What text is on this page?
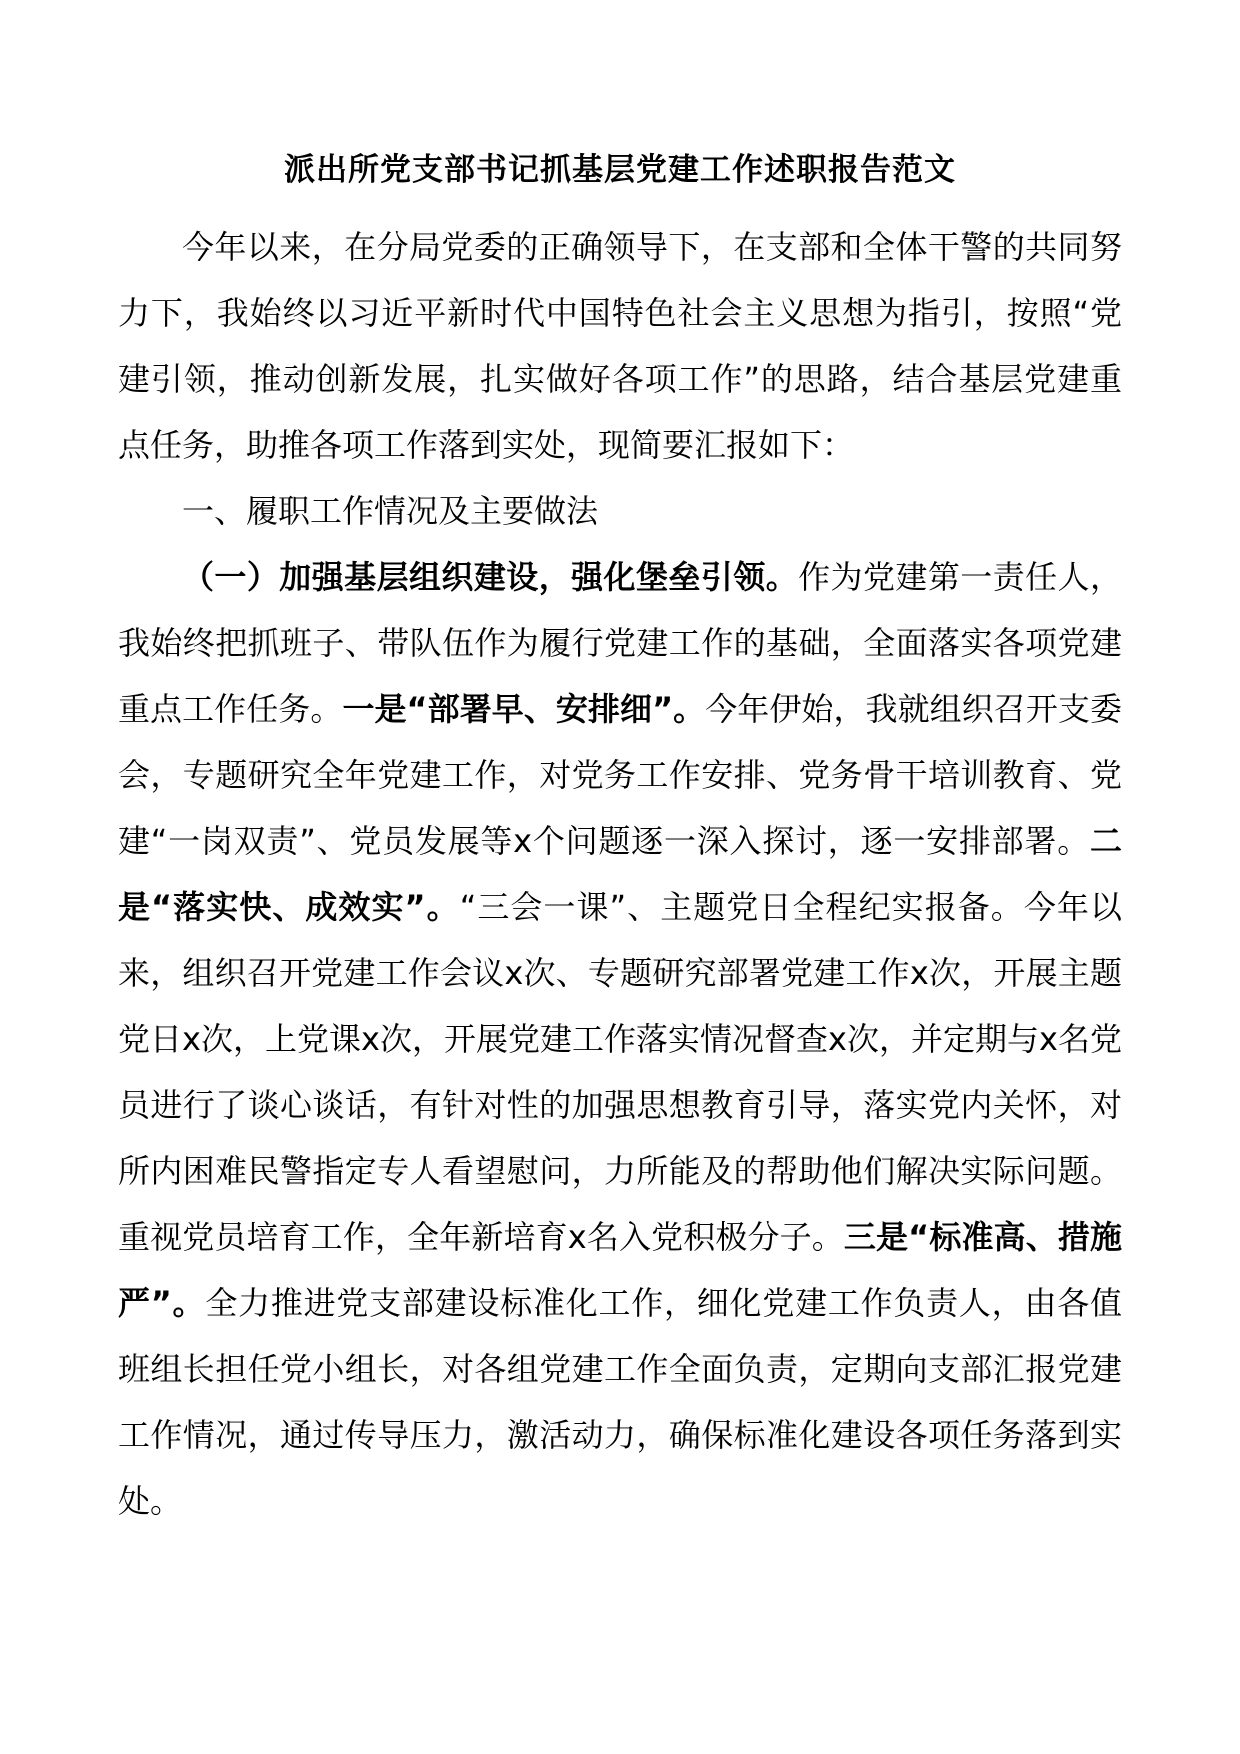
派出所党支部书记抓基层党建工作述职报告范文

今年以来，在分局党委的正确领导下，在支部和全体干警的共同努力下，我始终以习近平新时代中国特色社会主义思想为指引，按照“党建引领，推动创新发展，扎实做好各项工作”的思路，结合基层党建重点任务，助推各项工作落到实处，现简要汇报如下：

一、履职工作情况及主要做法

（一）加强基层组织建设，强化堡垒引领。作为党建第一责任人，我始终把抓班子、带队伍作为履行党建工作的基础，全面落实各项党建重点工作任务。一是“部署早、安排细”。今年伊始，我就组织召开支委会，专题研究全年党建工作，对党务工作安排、党务骨干培训教育、党建“一岗双责”、党员发展等x个问题逐一深入探讨，逐一安排部署。二是“落实快、成效实”。“三会一课”、主题党日全程纪实报备。今年以来，组织召开党建工作会议x次、专题研究部署党建工作x次，开展主题党日x次，上党课x次，开展党建工作落实情况督查x次，并定期与x名党员进行了谈心谈话，有针对性的加强思想教育引导，落实党内关怀，对所内困难民警指定专人看望慰问，力所能及的帮助他们解决实际问题。重视党员培育工作，全年新培育x名入党积极分子。三是“标准高、措施严”。全力推进党支部建设标准化工作，细化党建工作负责人，由各值班组长担任党小组长，对各组党建工作全面负责，定期向支部汇报党建工作情况，通过传导压力，激活动力，确保标准化建设各项任务落到实处。
